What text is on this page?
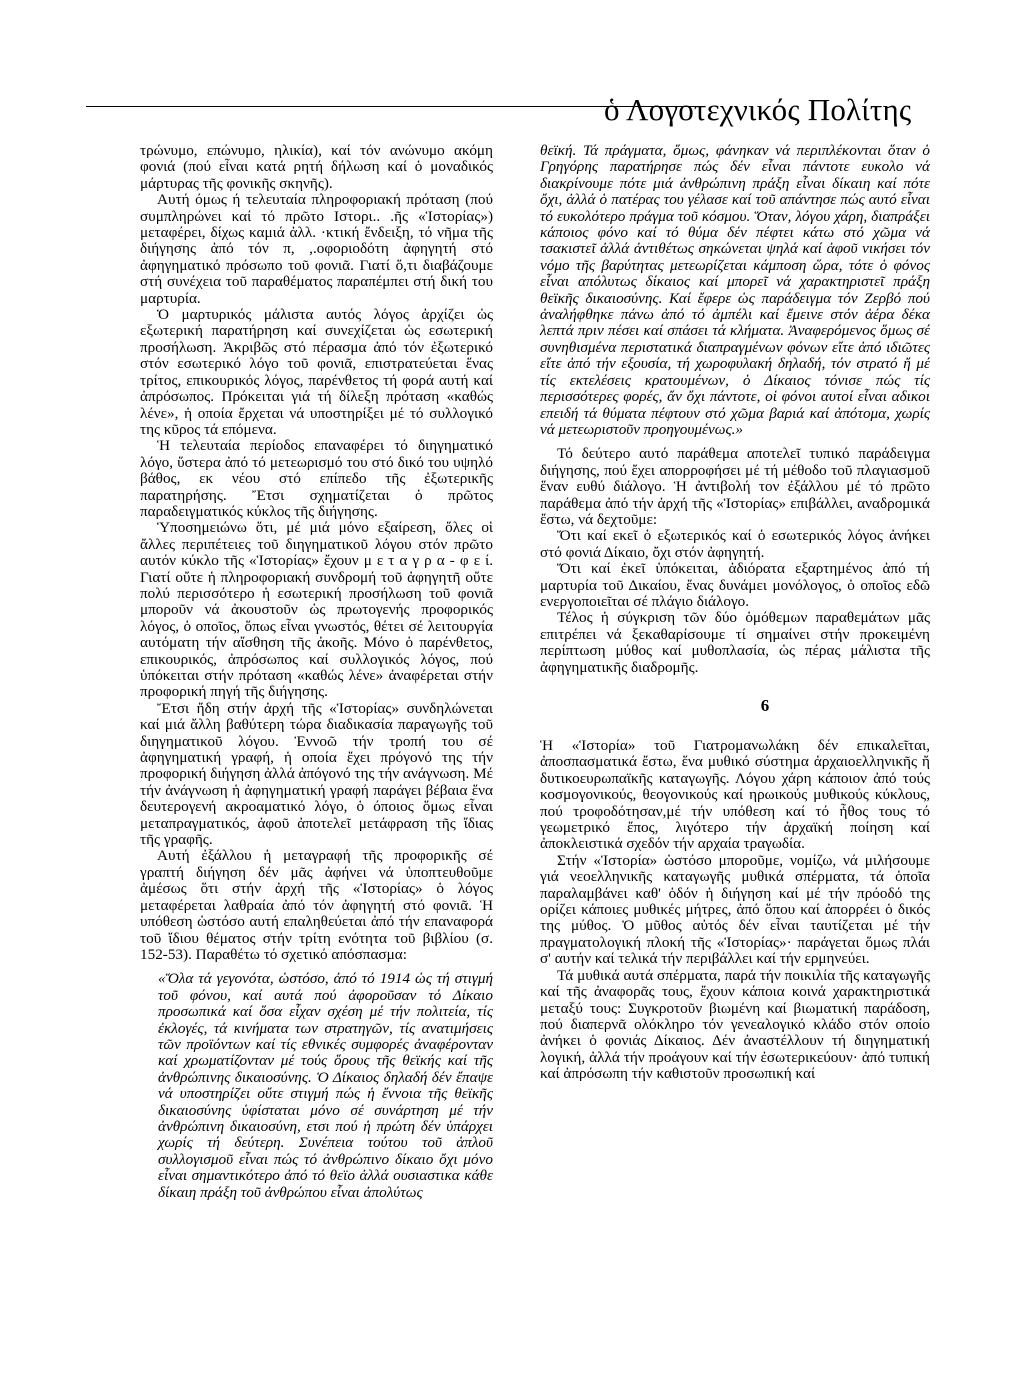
ὁ Λογοτεχνικός Πολίτης

τρώνυμο, επώνυμο, ηλικία), καί τόν ανώνυμο ακόμη φονιά (πού εἶναι κατά ρητή δήλωση καί ὁ μοναδικός μάρτυρας τῆς φονικῆς σκηνῆς).

Αυτή όμως ή τελευταία πληροφοριακή πρόταση (πού συμπληρώνει καί τό πρῶτο Ιστορι.. .ῆς «Ἱστορίας») μεταφέρει, δίχως καμιά ἀλλ. ·κτική ἔνδειξη, τό νῆμα τῆς διήγησης ἀπό τόν π, ,.οφοριοδότη ἀφηγητή στό ἀφηγηματικό πρόσωπο τοῦ φονιᾶ. Γιατί ὅ,τι διαβάζουμε στή συνέχεια τοῦ παραθέματος παραπέμπει στή δική του μαρτυρία.

Ὁ μαρτυρικός μάλιστα αυτός λόγος ἀρχίζει ὡς εξωτερική παρατήρηση καί συνεχίζεται ὡς εσωτερική προσήλωση. Ἀκριβῶς στό πέρασμα ἀπό τόν ἐξωτερικό στόν εσωτερικό λόγο τοῦ φονιᾶ, επιστρατεύεται ἕνας τρίτος, επικουρικός λόγος, παρένθετος τή φορά αυτή καί ἀπρόσωπος. Πρόκειται γιά τή δίλεξη πρόταση «καθώς λένε», ἡ οποία ἔρχεται νά υποστηρίξει μέ τό συλλογικό της κῦρος τά επόμενα.

Ἡ τελευταία περίοδος επαναφέρει τό διηγηματικό λόγο, ὕστερα ἀπό τό μετεωρισμό του στό δικό του υψηλό βάθος, εκ νέου στό επίπεδο τῆς ἐξωτερικῆς παρατηρήσης. Ἔτσι σχηματίζεται ὁ πρῶτος παραδειγματικός κύκλος τῆς διήγησης.

Ὑποσημειώνω ὅτι, μέ μιά μόνο εξαίρεση, ὅλες οἱ ἄλλες περιπέτειες τοῦ διηγηματικοῦ λόγου στόν πρῶτο αυτόν κύκλο τῆς «Ἱστορίας» ἔχουν μ ε τ α γ ρ α - φ ε ί. Γιατί οὔτε ἡ πληροφοριακή συνδρομή τοῦ ἀφηγητῆ οὔτε πολύ περισσότερο ἡ εσωτερική προσήλωση τοῦ φονιᾶ μποροῦν νά ἀκουστοῦν ὡς πρωτογενής προφορικός λόγος, ὁ οποῖος, ὅπως εἶναι γνωστός, θέτει σέ λειτουργία αυτόματη τήν αἴσθηση τῆς ἀκοῆς. Μόνο ὁ παρένθετος, επικουρικός, ἀπρόσωπος καί συλλογικός λόγος, πού ὑπόκειται στήν πρόταση «καθώς λένε» ἀναφέρεται στήν προφορική πηγή τῆς διήγησης.

Ἔτσι ἤδη στήν ἀρχή τῆς «Ἱστορίας» συνδηλώνεται καί μιά ἄλλη βαθύτερη τώρα διαδικασία παραγωγῆς τοῦ διηγηματικοῦ λόγου. Ἐννοῶ τήν τροπή του σέ ἀφηγηματική γραφή, ἡ οποία ἔχει πρόγονό της τήν προφορική διήγηση ἀλλά ἀπόγονό της τήν ανάγνωση. Μέ τήν ἀνάγνωση ἡ ἀφηγηματική γραφή παράγει βέβαια ἕνα δευτερογενή ακροαματικό λόγο, ὁ όποιος ὅμως εἶναι μεταπραγματικός, ἀφοῦ ἀποτελεῖ μετάφραση τῆς ἴδιας τῆς γραφῆς.

Αυτή ἐξάλλου ἡ μεταγραφή τῆς προφορικῆς σέ γραπτή διήγηση δέν μᾶς ἀφήνει νά ὑποπτευθοῦμε ἀμέσως ὅτι στήν ἀρχή τῆς «Ἱστορίας» ὁ λόγος μεταφέρεται λαθραία ἀπό τόν ἀφηγητή στό φονιᾶ. Ἡ υπόθεση ὡστόσο αυτή επαληθεύεται ἀπό τήν επαναφορά τοῦ ἴδιου θέματος στήν τρίτη ενότητα τοῦ βιβλίου (σ. 152-53). Παραθέτω τό σχετικό απόσπασμα:

«Ὅλα τά γεγονότα, ὡστόσο, ἀπό τό 1914 ὡς τή στιγμή τοῦ φόνου, καί αυτά πού ἀφοροῦσαν τό Δίκαιο προσωπικά καί ὅσα εἶχαν σχέση μέ τήν πολιτεία, τίς ἐκλογές, τά κινήματα των στρατηγῶν, τίς ανατιμήσεις τῶν προϊόντων καί τίς εθνικές συμφορές ἀναφέρονταν καί χρωματίζονταν μέ τούς ὅρους τῆς θεϊκής καί τῆς ἀνθρώπινης δικαιοσύνης. Ὁ Δίκαιος δηλαδή δέν ἔπαψε νά υποστηρίζει οὔτε στιγμή πώς ἡ ἔννοια τῆς θεϊκῆς δικαιοσύνης ὑφίσταται μόνο σέ συνάρτηση μέ τήν ἀνθρώπινη δικαιοσύνη, ετσι πού ἡ πρώτη δέν ὑπάρχει χωρίς τή δεύτερη. Συνέπεια τούτου τοῦ ἁπλοῦ συλλογισμοῦ εἶναι πώς τό ἀνθρώπινο δίκαιο ὄχι μόνο εἶναι σημαντικότερο ἀπό τό θεϊο ἀλλά ουσιαστικα κάθε δίκαιη πράξη τοῦ ἀνθρώπου εἶναι ἀπολύτως

θεϊκή. Τά πράγματα, ὅμως, φάνηκαν νά περιπλέκονται ὅταν ὁ Γρηγόρης παρατήρησε πώς δέν εἶναι πάντοτε ευκολο νά διακρίνουμε πότε μιά ἀνθρώπινη πράξη εἶναι δίκαιη καί πότε ὄχι, ἀλλά ὁ πατέρας του γέλασε καί τοῦ απάντησε πώς αυτό εἶναι τό ευκολότερο πράγμα τοῦ κόσμου. Ὅταν, λόγου χάρη, διαπράξει κάποιος φόνο καί τό θύμα δέν πέφτει κάτω στό χῶμα νά τσακιστεῖ ἀλλά ἀντιθέτως σηκώνεται ψηλά καί ἀφοῦ νικήσει τόν νόμο τῆς βαρύτητας μετεωρίζεται κάμποση ὥρα, τότε ὁ φόνος εἶναι απόλυτως δίκαιος καί μπορεῖ νά χαρακτηριστεῖ πράξη θεϊκῆς δικαιοσύνης. Καί ἔφερε ὡς παράδειγμα τόν Ζερβό πού ἀναλήφθηκε πάνω ἀπό τό ἀμπέλι καί ἔμεινε στόν ἀέρα δέκα λεπτά πριν πέσει καί σπάσει τά κλήματα. Ἀναφερόμενος ὅμως σέ συνηθισμένα περιστατικά διαπραγμένων φόνων εἴτε ἀπό ιδιῶτες εἴτε ἀπό τήν εξουσία, τή χωροφυλακή δηλαδή, τόν στρατό ἤ μέ τίς εκτελέσεις κρατουμένων, ὁ Δίκαιος τόνισε πώς τίς περισσότερες φορές, ἄν ὄχι πάντοτε, οἱ φόνοι αυτοί εἶναι αδικοι επειδή τά θύματα πέφτουν στό χῶμα βαριά καί ἀπότομα, χωρίς νά μετεωριστοῦν προηγουμένως.»

Τό δεύτερο αυτό παράθεμα αποτελεῖ τυπικό παράδειγμα διήγησης, πού ἔχει απορροφήσει μέ τή μέθοδο τοῦ πλαγιασμοῦ ἕναν ευθύ διάλογο. Ἡ ἀντιβολή τον ἐξάλλου μέ τό πρῶτο παράθεμα ἀπό τήν ἀρχή τῆς «Ἱστορίας» επιβάλλει, αναδρομικά ἔστω, νά δεχτοῦμε:

Ὅτι καί εκεῖ ὁ εξωτερικός καί ὁ εσωτερικός λόγος ἀνήκει στό φονιά Δίκαιο, ὄχι στόν ἀφηγητή.

Ὅτι καί ἐκεῖ ὑπόκειται, ἀδιόρατα εξαρτημένος ἀπό τή μαρτυρία τοῦ Δικαίου, ἕνας δυνάμει μονόλογος, ὁ οποῖος εδῶ ενεργοποιεῖται σέ πλάγιο διάλογο.

Τέλος ἡ σύγκριση τῶν δύο ὁμόθεμων παραθεμάτων μᾶς επιτρέπει νά ξεκαθαρίσουμε τί σημαίνει στήν προκειμένη περίπτωση μύθος καί μυθοπλασία, ὡς πέρας μάλιστα τῆς ἀφηγηματικῆς διαδρομῆς.

6

Ἡ «Ἱστορία» τοῦ Γιατρομανωλάκη δέν επικαλεῖται, ἀποσπασματικά ἔστω, ἕνα μυθικό σύστημα ἀρχαιοελληνικῆς ἤ δυτικοευρωπαϊκῆς καταγωγῆς. Λόγου χάρη κάποιον ἀπό τούς κοσμογονικούς, θεογονικούς καί ηρωικούς μυθικούς κύκλους, πού τροφοδότησαν,μέ τήν υπόθεση καί τό ἦθος τους τό γεωμετρικό ἔπος, λιγότερο τήν ἀρχαϊκή ποίηση καί ἀποκλειστικά σχεδόν τήν αρχαία τραγωδία.

Στήν «Ἱστορία» ὡστόσο μποροῦμε, νομίζω, νά μιλήσουμε γιά νεοελληνικῆς καταγωγῆς μυθικά σπέρματα, τά ὁποῖα παραλαμβάνει καθ' ὁδόν ἡ διήγηση καί μέ τήν πρόοδό της ορίζει κάποιες μυθικές μήτρες, ἀπό ὅπου καί ἀπορρέει ὁ δικός της μύθος. Ὁ μῦθος αὐτός δέν εἶναι ταυτίζεται μέ τήν πραγματολογική πλοκή τῆς «Ἱστορίας»· παράγεται ὅμως πλάι σ' αυτήν καί τελικά τήν περιβάλλει καί τήν ερμηνεύει.

Τά μυθικά αυτά σπέρματα, παρά τήν ποικιλία τῆς καταγωγῆς καί τῆς ἀναφορᾶς τους, ἔχουν κάποια κοινά χαρακτηριστικά μεταξύ τους: Συγκροτοῦν βιωμένη καί βιωματική παράδοση, πού διαπερνᾶ ολόκληρο τόν γενεαλογικό κλάδο στόν οποίο ἀνήκει ὁ φονιάς Δίκαιος. Δέν ἀναστέλλουν τή διηγηματική λογική, ἀλλά τήν προάγουν καί τήν ἐσωτερικεύουν· ἀπό τυπική καί ἀπρόσωπη τήν καθιστοῦν προσωπική καί
